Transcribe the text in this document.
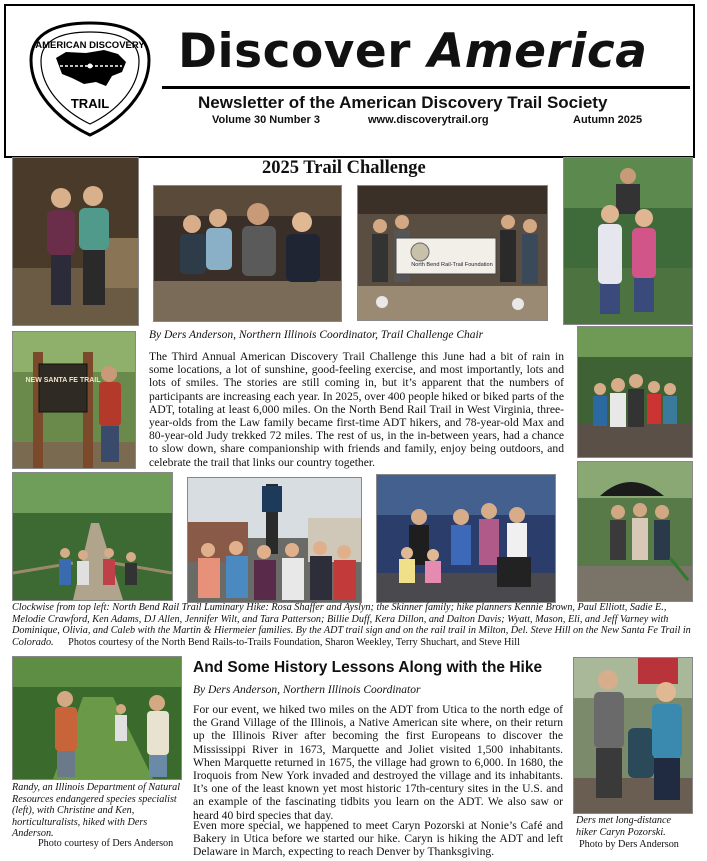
AMERICAN DISCOVERY
TRAIL
Discover America
Newsletter of the American Discovery Trail Society
Volume 30 Number 3	www.discoverytrail.org	Autumn 2025
2025 Trail Challenge
North Bend Rail-Trail Foundation
NEW SANTA FE TRAIL
By Ders Anderson, Northern Illinois Coordinator, Trail Challenge Chair
The Third Annual American Discovery Trail Challenge this June had a bit of rain in some locations, a lot of sunshine, good-feeling exercise, and most importantly, lots and lots of smiles. The stories are still coming in, but it’s apparent that the numbers of participants are increasing each year. In 2025, over 400 people hiked or biked parts of the ADT, totaling at least 6,000 miles. On the North Bend Rail Trail in West Virginia, three-year-olds from the Law family became first-time ADT hikers, and 78-year-old Max and 80-year-old Judy trekked 72 miles. The rest of us, in the in-between years, had a chance to slow down, share companionship with friends and family, enjoy being outdoors, and celebrate the trail that links our country together.
Clockwise from top left: North Bend Rail Trail Luminary Hike: Rosa Shaffer and Ayslyn; the Skinner family; hike planners Kennie Brown, Paul Elliott, Sadie E., Melodie Crawford, Ken Adams, DJ Allen, Jennifer Wilt, and Tara Patterson; Billie Duff, Kera Dillon, and Dalton Davis; Wyatt, Mason, Eli, and Jeff Varney with Dominique, Olivia, and Caleb with the Martin & Hiermeier families. By the ADT trail sign and on the rail trail in Milton, Del. Steve Hill on the New Santa Fe Trail in Colorado. Photos courtesy of the North Bend Rails-to-Trails Foundation, Sharon Weekley, Terry Shuchart, and Steve Hill
Randy, an Illinois Department of Natural Resources endangered species specialist (left), with Christine and Ken, horticulturalists, hiked with Ders Anderson.
Photo courtesy of Ders Anderson
And Some History Lessons Along with the Hike
By Ders Anderson, Northern Illinois Coordinator
For our event, we hiked two miles on the ADT from Utica to the north edge of the Grand Village of the Illinois, a Native American site where, on their return up the Illinois River after becoming the first Europeans to discover the Mississippi River in 1673, Marquette and Joliet visited 1,500 inhabitants. When Marquette returned in 1675, the village had grown to 6,000. In 1680, the Iroquois from New York invaded and destroyed the village and its inhabitants. It’s one of the least known yet most historic 17th-century sites in the U.S. and an example of the fascinating tidbits you learn on the ADT. We also saw or heard 40 bird species that day.
Even more special, we happened to meet Caryn Pozorski at Nonie’s Café and Bakery in Utica before we started our hike. Caryn is hiking the ADT and left Delaware in March, expecting to reach Denver by Thanksgiving.
Ders met long-distance hiker Caryn Pozorski.
Photo by Ders Anderson
